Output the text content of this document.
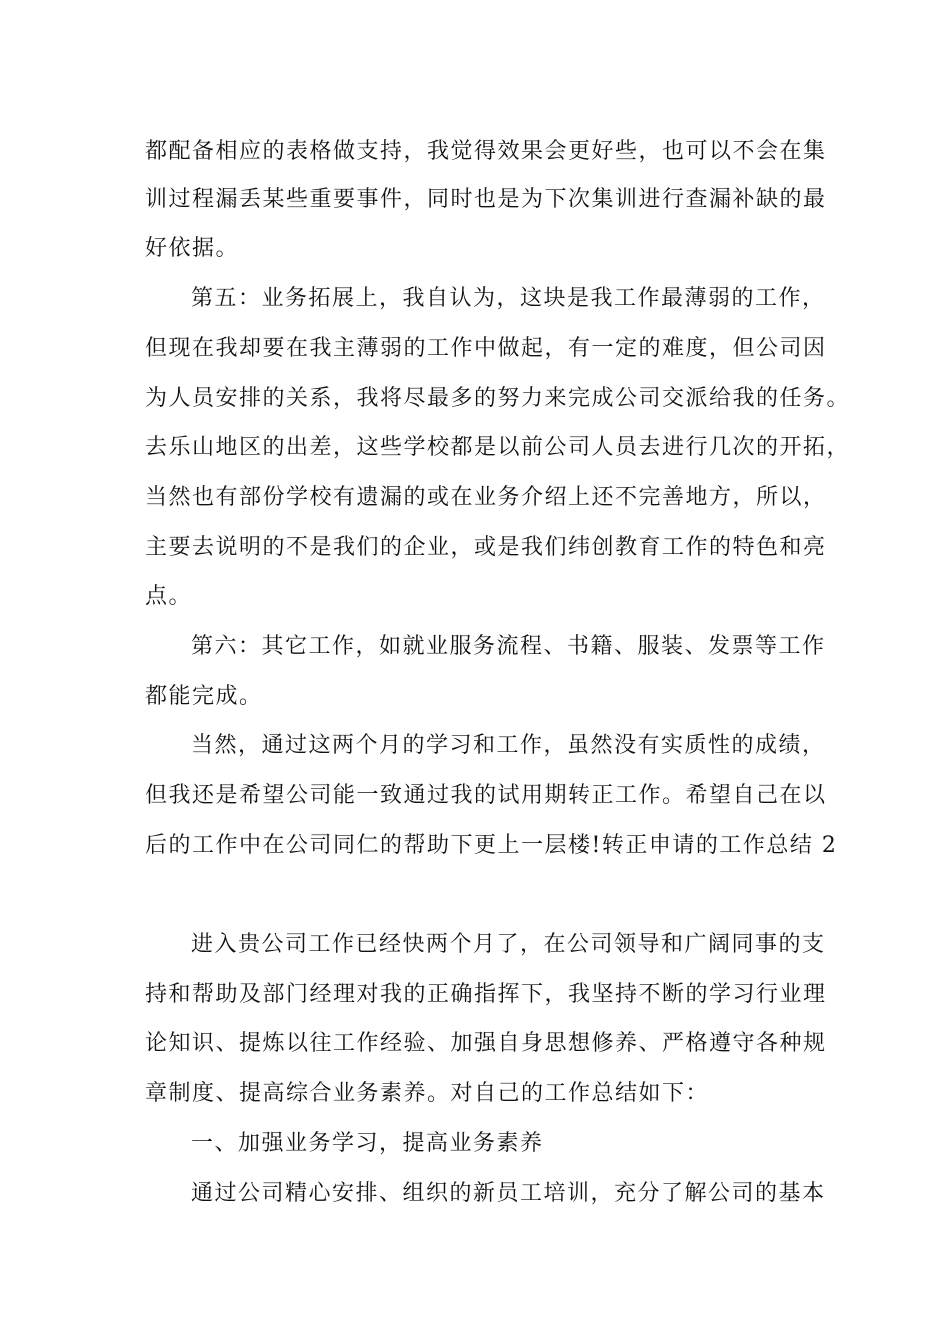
都配备相应的表格做支持，我觉得效果会更好些，也可以不会在集
训过程漏丢某些重要事件，同时也是为下次集训进行查漏补缺的最
好依据。
第五：业务拓展上，我自认为，这块是我工作最薄弱的工作，
但现在我却要在我主薄弱的工作中做起，有一定的难度，但公司因
为人员安排的关系，我将尽最多的努力来完成公司交派给我的任务。
去乐山地区的出差，这些学校都是以前公司人员去进行几次的开拓，
当然也有部份学校有遗漏的或在业务介绍上还不完善地方，所以，
主要去说明的不是我们的企业，或是我们纬创教育工作的特色和亮
点。
第六：其它工作，如就业服务流程、书籍、服装、发票等工作
都能完成。
当然，通过这两个月的学习和工作，虽然没有实质性的成绩，
但我还是希望公司能一致通过我的试用期转正工作。希望自己在以
后的工作中在公司同仁的帮助下更上一层楼!转正申请的工作总结 2
进入贵公司工作已经快两个月了，在公司领导和广阔同事的支
持和帮助及部门经理对我的正确指挥下，我坚持不断的学习行业理
论知识、提炼以往工作经验、加强自身思想修养、严格遵守各种规
章制度、提高综合业务素养。对自己的工作总结如下：
一、加强业务学习，提高业务素养
通过公司精心安排、组织的新员工培训，充分了解公司的基本
